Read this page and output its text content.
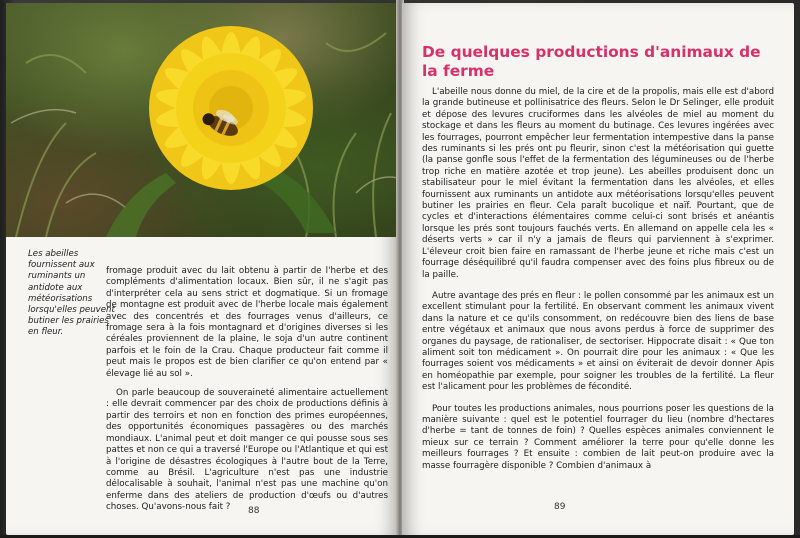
Les abeilles fournissent aux ruminants un antidote aux météorisations lorsqu'elles peuvent butiner les prairies en fleur.

fromage produit avec du lait obtenu à partir de l'herbe et des compléments d'alimentation locaux. Bien sûr, il ne s'agit pas d'interpréter cela au sens strict et dogmatique. Si un fromage de montagne est produit avec de l'herbe locale mais également avec des concentrés et des fourrages venus d'ailleurs, ce fromage sera à la fois montagnard et d'origines diverses si les céréales proviennent de la plaine, le soja d'un autre continent parfois et le foin de la Crau. Chaque producteur fait comme il peut mais le propos est de bien clarifier ce qu'on entend par « élevage lié au sol ».

On parle beaucoup de souveraineté alimentaire actuellement : elle devrait commencer par des choix de productions définis à partir des terroirs et non en fonction des primes européennes, des opportunités économiques passagères ou des marchés mondiaux. L'animal peut et doit manger ce qui pousse sous ses pattes et non ce qui a traversé l'Europe ou l'Atlantique et qui est à l'origine de désastres écologiques à l'autre bout de la Terre, comme au Brésil. L'agriculture n'est pas une industrie délocalisable à souhait, l'animal n'est pas une machine qu'on enferme dans des ateliers de production d'œufs ou d'autres choses. Qu'avons-nous fait ?	88
De quelques productions d'animaux de la ferme

L'abeille nous donne du miel, de la cire et de la propolis, mais elle est d'abord la grande butineuse et pollinisatrice des fleurs. Selon le Dr Selinger, elle produit et dépose des levures cruciformes dans les alvéoles de miel au moment du stockage et dans les fleurs au moment du butinage. Ces levures ingérées avec les fourrages, pourront empêcher leur fermentation intempestive dans la panse des ruminants si les prés ont pu fleurir, sinon c'est la météorisation qui guette (la panse gonfle sous l'effet de la fermentation des légumineuses ou de l'herbe trop riche en matière azotée et trop jeune). Les abeilles produisent donc un stabilisateur pour le miel évitant la fermentation dans les alvéoles, et elles fournissent aux ruminants un antidote aux météorisations lorsqu'elles peuvent butiner les prairies en fleur. Cela paraît bucolique et naïf. Pourtant, que de cycles et d'interactions élémentaires comme celui-ci sont brisés et anéantis lorsque les prés sont toujours fauchés verts. En allemand on appelle cela les « déserts verts » car il n'y a jamais de fleurs qui parviennent à s'exprimer. L'éleveur croit bien faire en ramassant de l'herbe jeune et riche mais c'est un fourrage déséquilibré qu'il faudra compenser avec des foins plus fibreux ou de la paille.

Autre avantage des prés en fleur : le pollen consommé par les animaux est un excellent stimulant pour la fertilité. En observant comment les animaux vivent dans la nature et ce qu'ils consomment, on redécouvre bien des liens de base entre végétaux et animaux que nous avons perdus à force de supprimer des organes du paysage, de rationaliser, de sectoriser. Hippocrate disait : « Que ton aliment soit ton médicament ». On pourrait dire pour les animaux : « Que les fourrages soient vos médicaments » et ainsi on éviterait de devoir donner Apis en homéopathie par exemple, pour soigner les troubles de la fertilité. La fleur est l'alicament pour les problèmes de fécondité.

Pour toutes les productions animales, nous pourrions poser les questions de la manière suivante : quel est le potentiel fourrager du lieu (nombre d'hectares d'herbe = tant de tonnes de foin) ? Quelles espèces animales conviennent le mieux sur ce terrain ? Comment améliorer la terre pour qu'elle donne les meilleurs fourrages ? Et ensuite : combien de lait peut-on produire avec la masse fourragère disponible ? Combien d'animaux à

89
